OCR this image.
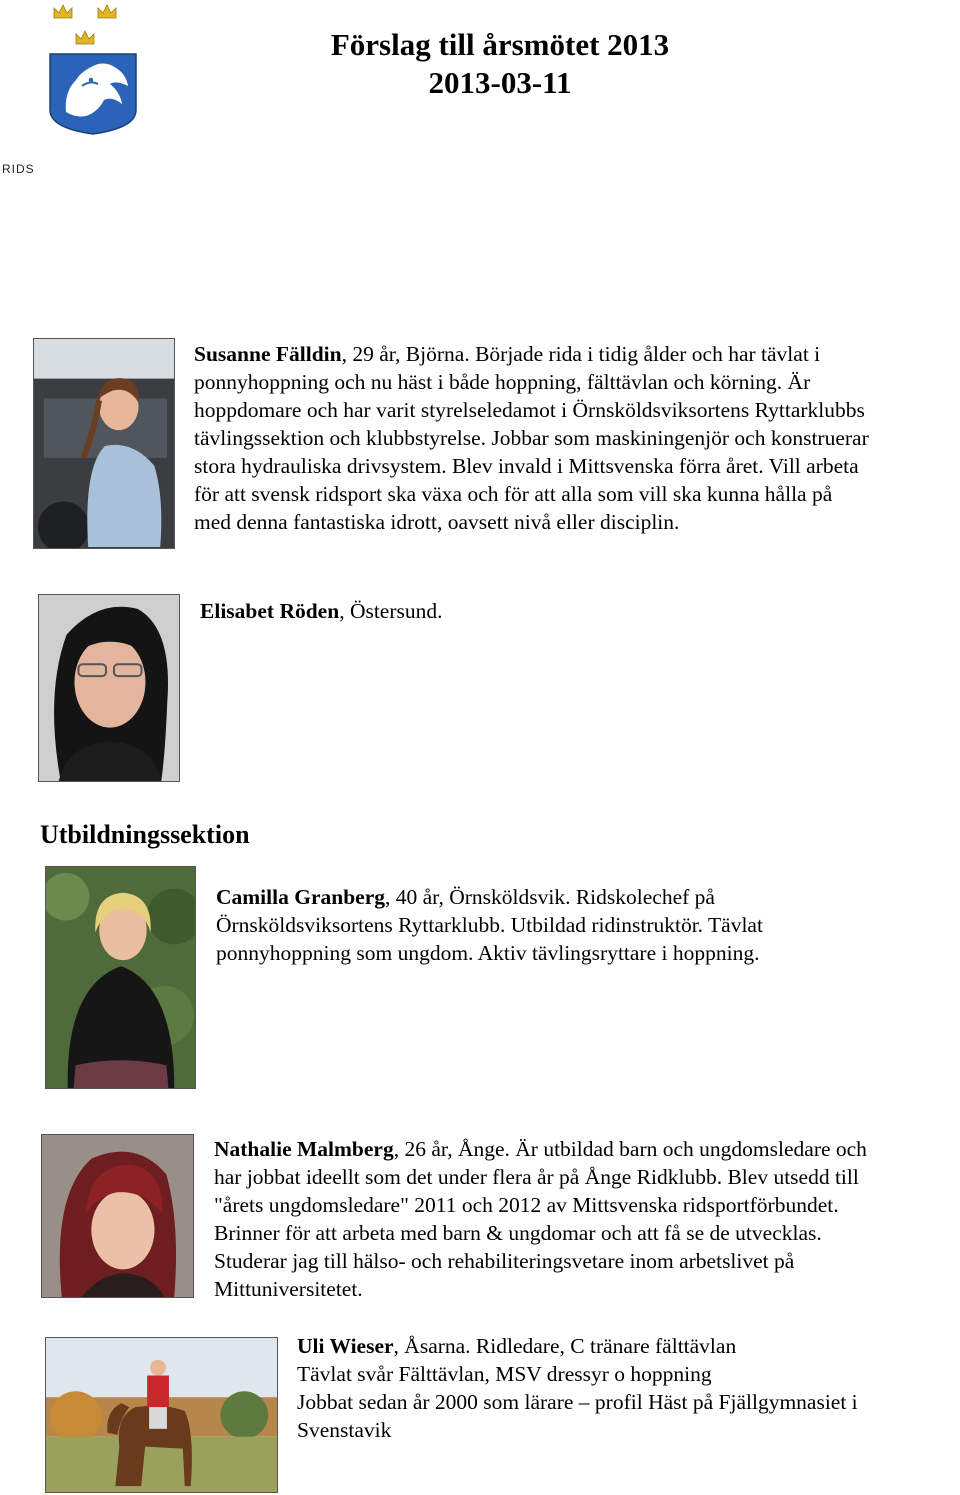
RIDS
Förslag till årsmötet 2013
2013-03-11

Susanne Fälldin, 29 år, Björna. Började rida i tidig ålder och har tävlat i
ponnyhoppning och nu häst i både hoppning, fälttävlan och körning. Är
hoppdomare och har varit styrelseledamot i Örnsköldsviksortens Ryttarklubbs
tävlingssektion och klubbstyrelse. Jobbar som maskiningenjör och konstruerar
stora hydrauliska drivsystem. Blev invald i Mittsvenska förra året. Vill arbeta
för att svensk ridsport ska växa och för att alla som vill ska kunna hålla på
med denna fantastiska idrott, oavsett nivå eller disciplin.

Elisabet Röden, Östersund.

Utbildningssektion

Camilla Granberg, 40 år, Örnsköldsvik. Ridskolechef på
Örnsköldsviksortens Ryttarklubb. Utbildad ridinstruktör. Tävlat
ponnyhoppning som ungdom. Aktiv tävlingsryttare i hoppning.

Nathalie Malmberg, 26 år, Ånge. Är utbildad barn och ungdomsledare och
har jobbat ideellt som det under flera år på Ånge Ridklubb. Blev utsedd till
"årets ungdomsledare" 2011 och 2012 av Mittsvenska ridsportförbundet.
Brinner för att arbeta med barn & ungdomar och att få se de utvecklas.
Studerar jag till hälso- och rehabiliteringsvetare inom arbetslivet på
Mittuniversitetet.

Uli Wieser, Åsarna. Ridledare, C tränare fälttävlan
Tävlat svår Fälttävlan, MSV dressyr o hoppning
Jobbat sedan år 2000 som lärare – profil Häst på Fjällgymnasiet i
Svenstavik
